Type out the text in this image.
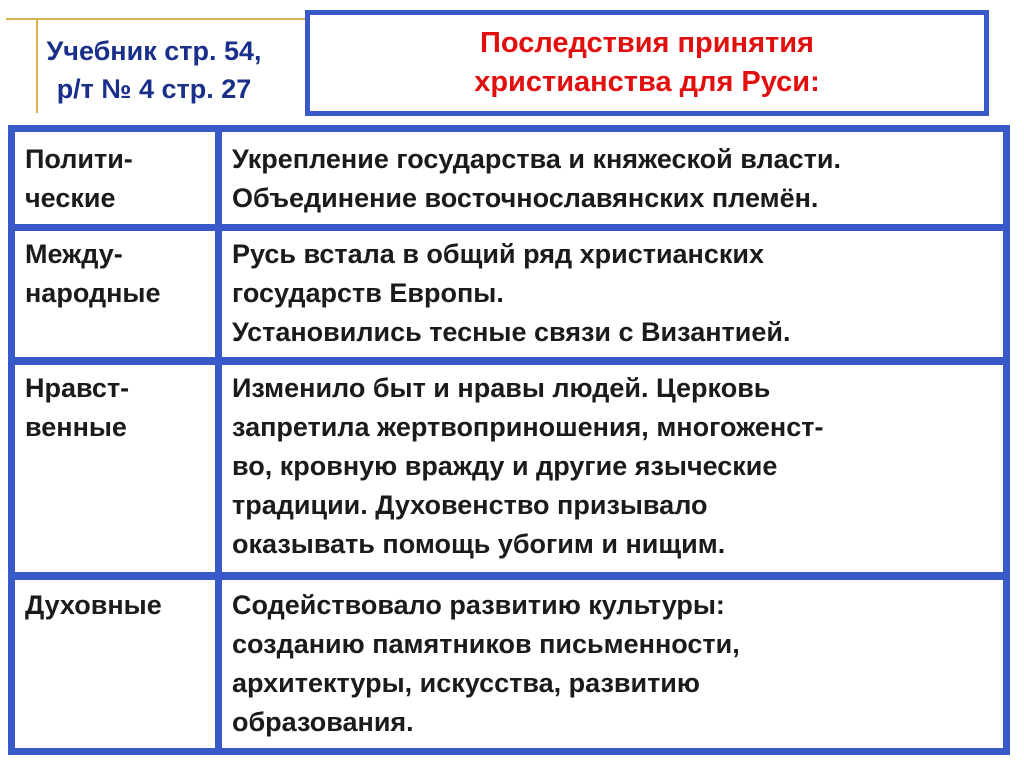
Учебник стр. 54,
р/т № 4 стр. 27
Последствия принятия
христианства для Руси:
Полити-
ческие
Укрепление государства и княжеской власти.
Объединение восточнославянских племён.
Между-
народные
Русь встала в общий ряд христианских
государств Европы.
Установились тесные связи с Византией.
Нравст-
венные
Изменило быт и нравы людей. Церковь
запретила жертвоприношения, многоженст-
во, кровную вражду и другие языческие
традиции. Духовенство призывало
оказывать помощь убогим и нищим.
Духовные	Содействовало развитию культуры:
созданию памятников письменности,
архитектуры, искусства, развитию
образования.
